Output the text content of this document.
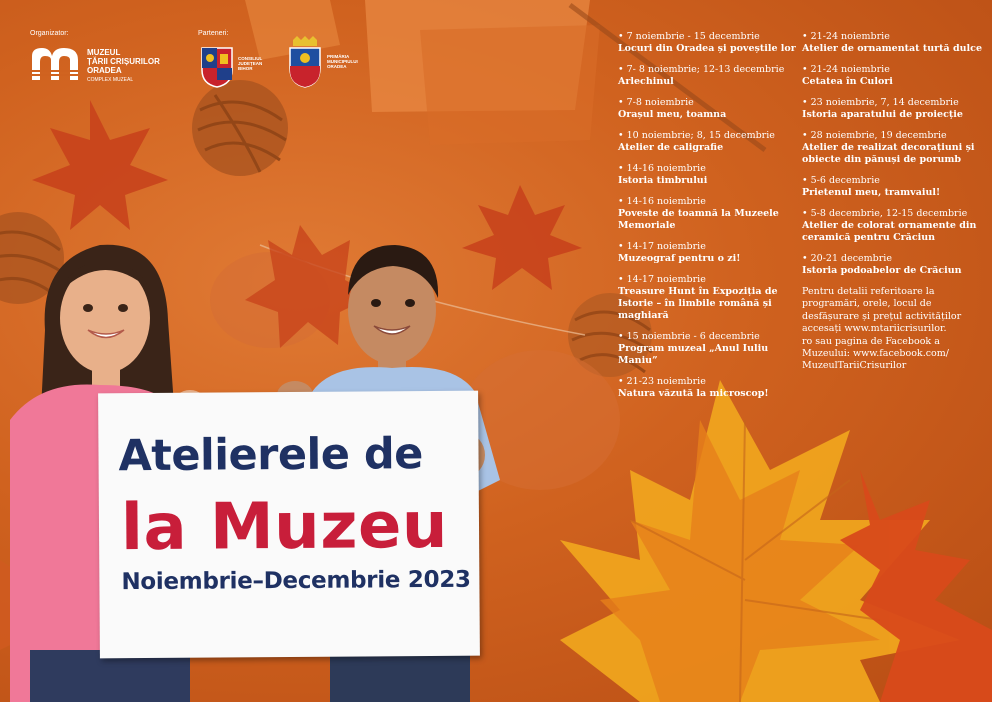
Organizator:
MUZEUL
ȚĂRII CRIȘURILOR
ORADEA
COMPLEX MUZEAL
Parteneri:
CONSILIUL
JUDEȚEAN
BIHOR
PRIMĂRIA
MUNICIPIULUI
ORADEA
• 7 noiembrie - 15 decembrie
Locuri din Oradea și poveștile lor
• 7- 8 noiembrie; 12-13 decembrie
Arlechinul
• 7-8 noiembrie
Orașul meu, toamna
• 10 noiembrie; 8, 15 decembrie
Atelier de caligrafie
• 14-16 noiembrie
Istoria timbrului
• 14-16 noiembrie
Poveste de toamnă la Muzeele
Memoriale
• 14-17 noiembrie
Muzeograf pentru o zi!
• 14-17 noiembrie
Treasure Hunt în Expoziția de
Istorie – în limbile română și
maghiară
• 15 noiembrie - 6 decembrie
Program muzeal „Anul Iuliu
Maniu”
• 21-23 noiembrie
Natura văzută la microscop!
• 21-24 noiembrie
Atelier de ornamentat turtă dulce
• 21-24 noiembrie
Cetatea în Culori
• 23 noiembrie, 7, 14 decembrie
Istoria aparatului de proiecție
• 28 noiembrie, 19 decembrie
Atelier de realizat decorațiuni și
obiecte din pănuși de porumb
• 5-6 decembrie
Prietenul meu, tramvaiul!
• 5-8 decembrie, 12-15 decembrie
Atelier de colorat ornamente din
ceramică pentru Crăciun
• 20-21 decembrie
Istoria podoabelor de Crăciun
Pentru detalii referitoare la
programări, orele, locul de
desfășurare și prețul activităților
accesați www.mtariicrisurilor.
ro sau pagina de Facebook a
Muzeului: www.facebook.com/
MuzeulTariiCrisurilor
Atelierele de
la Muzeu
Noiembrie–Decembrie 2023
